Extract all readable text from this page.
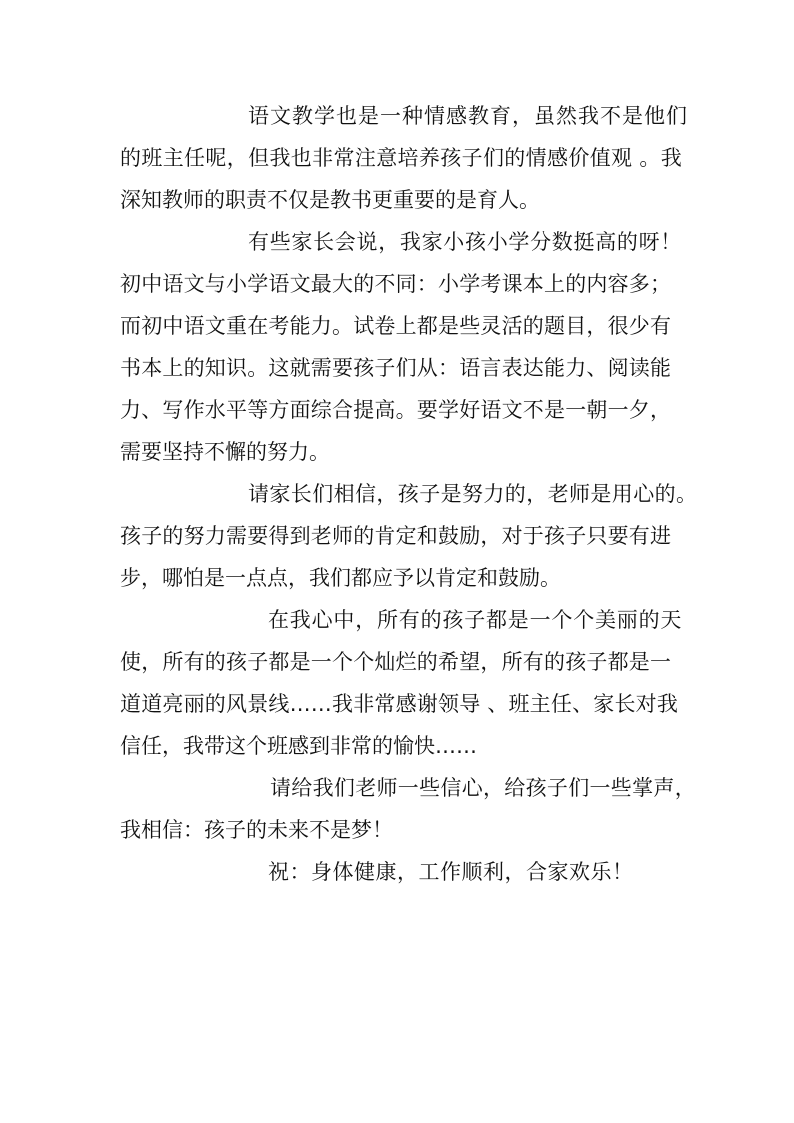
语文教学也是一种情感教育，虽然我不是他们
的班主任呢，但我也非常注意培养孩子们的情感价值观 。我
深知教师的职责不仅是教书更重要的是育人。
有些家长会说，我家小孩小学分数挺高的呀！
初中语文与小学语文最大的不同：小学考课本上的内容多；
而初中语文重在考能力。试卷上都是些灵活的题目，很少有
书本上的知识。这就需要孩子们从：语言表达能力、阅读能
力、写作水平等方面综合提高。要学好语文不是一朝一夕，
需要坚持不懈的努力。
请家长们相信，孩子是努力的，老师是用心的。
孩子的努力需要得到老师的肯定和鼓励，对于孩子只要有进
步，哪怕是一点点，我们都应予以肯定和鼓励。
在我心中，所有的孩子都是一个个美丽的天
使，所有的孩子都是一个个灿烂的希望，所有的孩子都是一
道道亮丽的风景线……我非常感谢领导 、班主任、家长对我
信任，我带这个班感到非常的愉快……
请给我们老师一些信心，给孩子们一些掌声，
我相信：孩子的未来不是梦！
祝：身体健康，工作顺利，合家欢乐！
